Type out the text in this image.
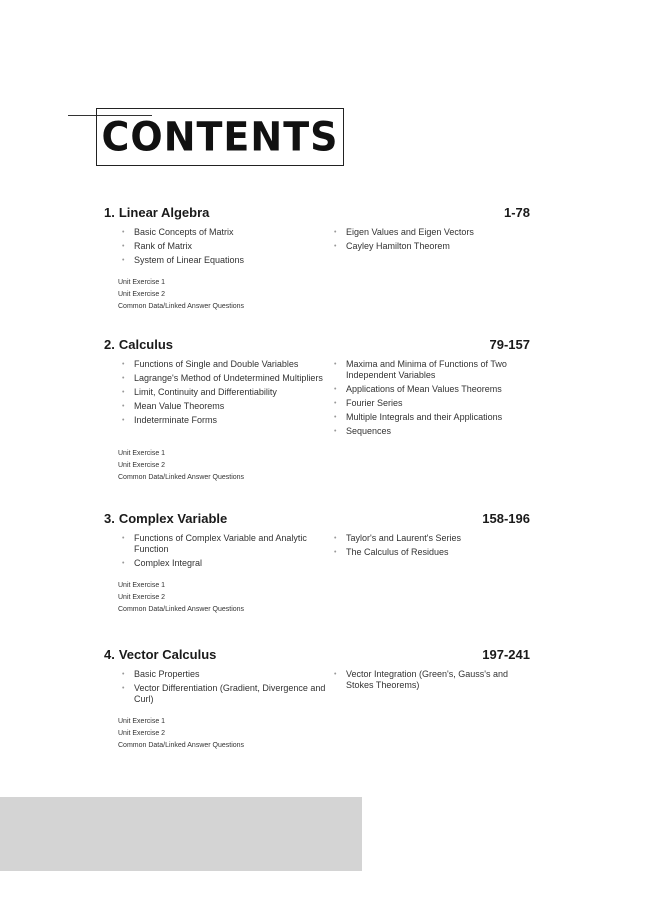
CONTENTS
1. Linear Algebra	1-78
• Basic Concepts of Matrix
• Rank of Matrix
• System of Linear Equations
• Eigen Values and Eigen Vectors
• Cayley Hamilton Theorem
Unit Exercise 1
Unit Exercise 2
Common Data/Linked Answer Questions
2. Calculus	79-157
• Functions of Single and Double Variables
• Lagrange's Method of Undetermined Multipliers
• Limit, Continuity and Differentiability
• Mean Value Theorems
• Indeterminate Forms
• Maxima and Minima of Functions of Two Independent Variables
• Applications of Mean Values Theorems
• Fourier Series
• Multiple Integrals and their Applications
• Sequences
Unit Exercise 1
Unit Exercise 2
Common Data/Linked Answer Questions
3. Complex Variable	158-196
• Functions of Complex Variable and Analytic Function
• Complex Integral
• Taylor's and Laurent's Series
• The Calculus of Residues
Unit Exercise 1
Unit Exercise 2
Common Data/Linked Answer Questions
4. Vector Calculus	197-241
• Basic Properties
• Vector Differentiation (Gradient, Divergence and Curl)
• Vector Integration (Green's, Gauss's and Stokes Theorems)
Unit Exercise 1
Unit Exercise 2
Common Data/Linked Answer Questions
